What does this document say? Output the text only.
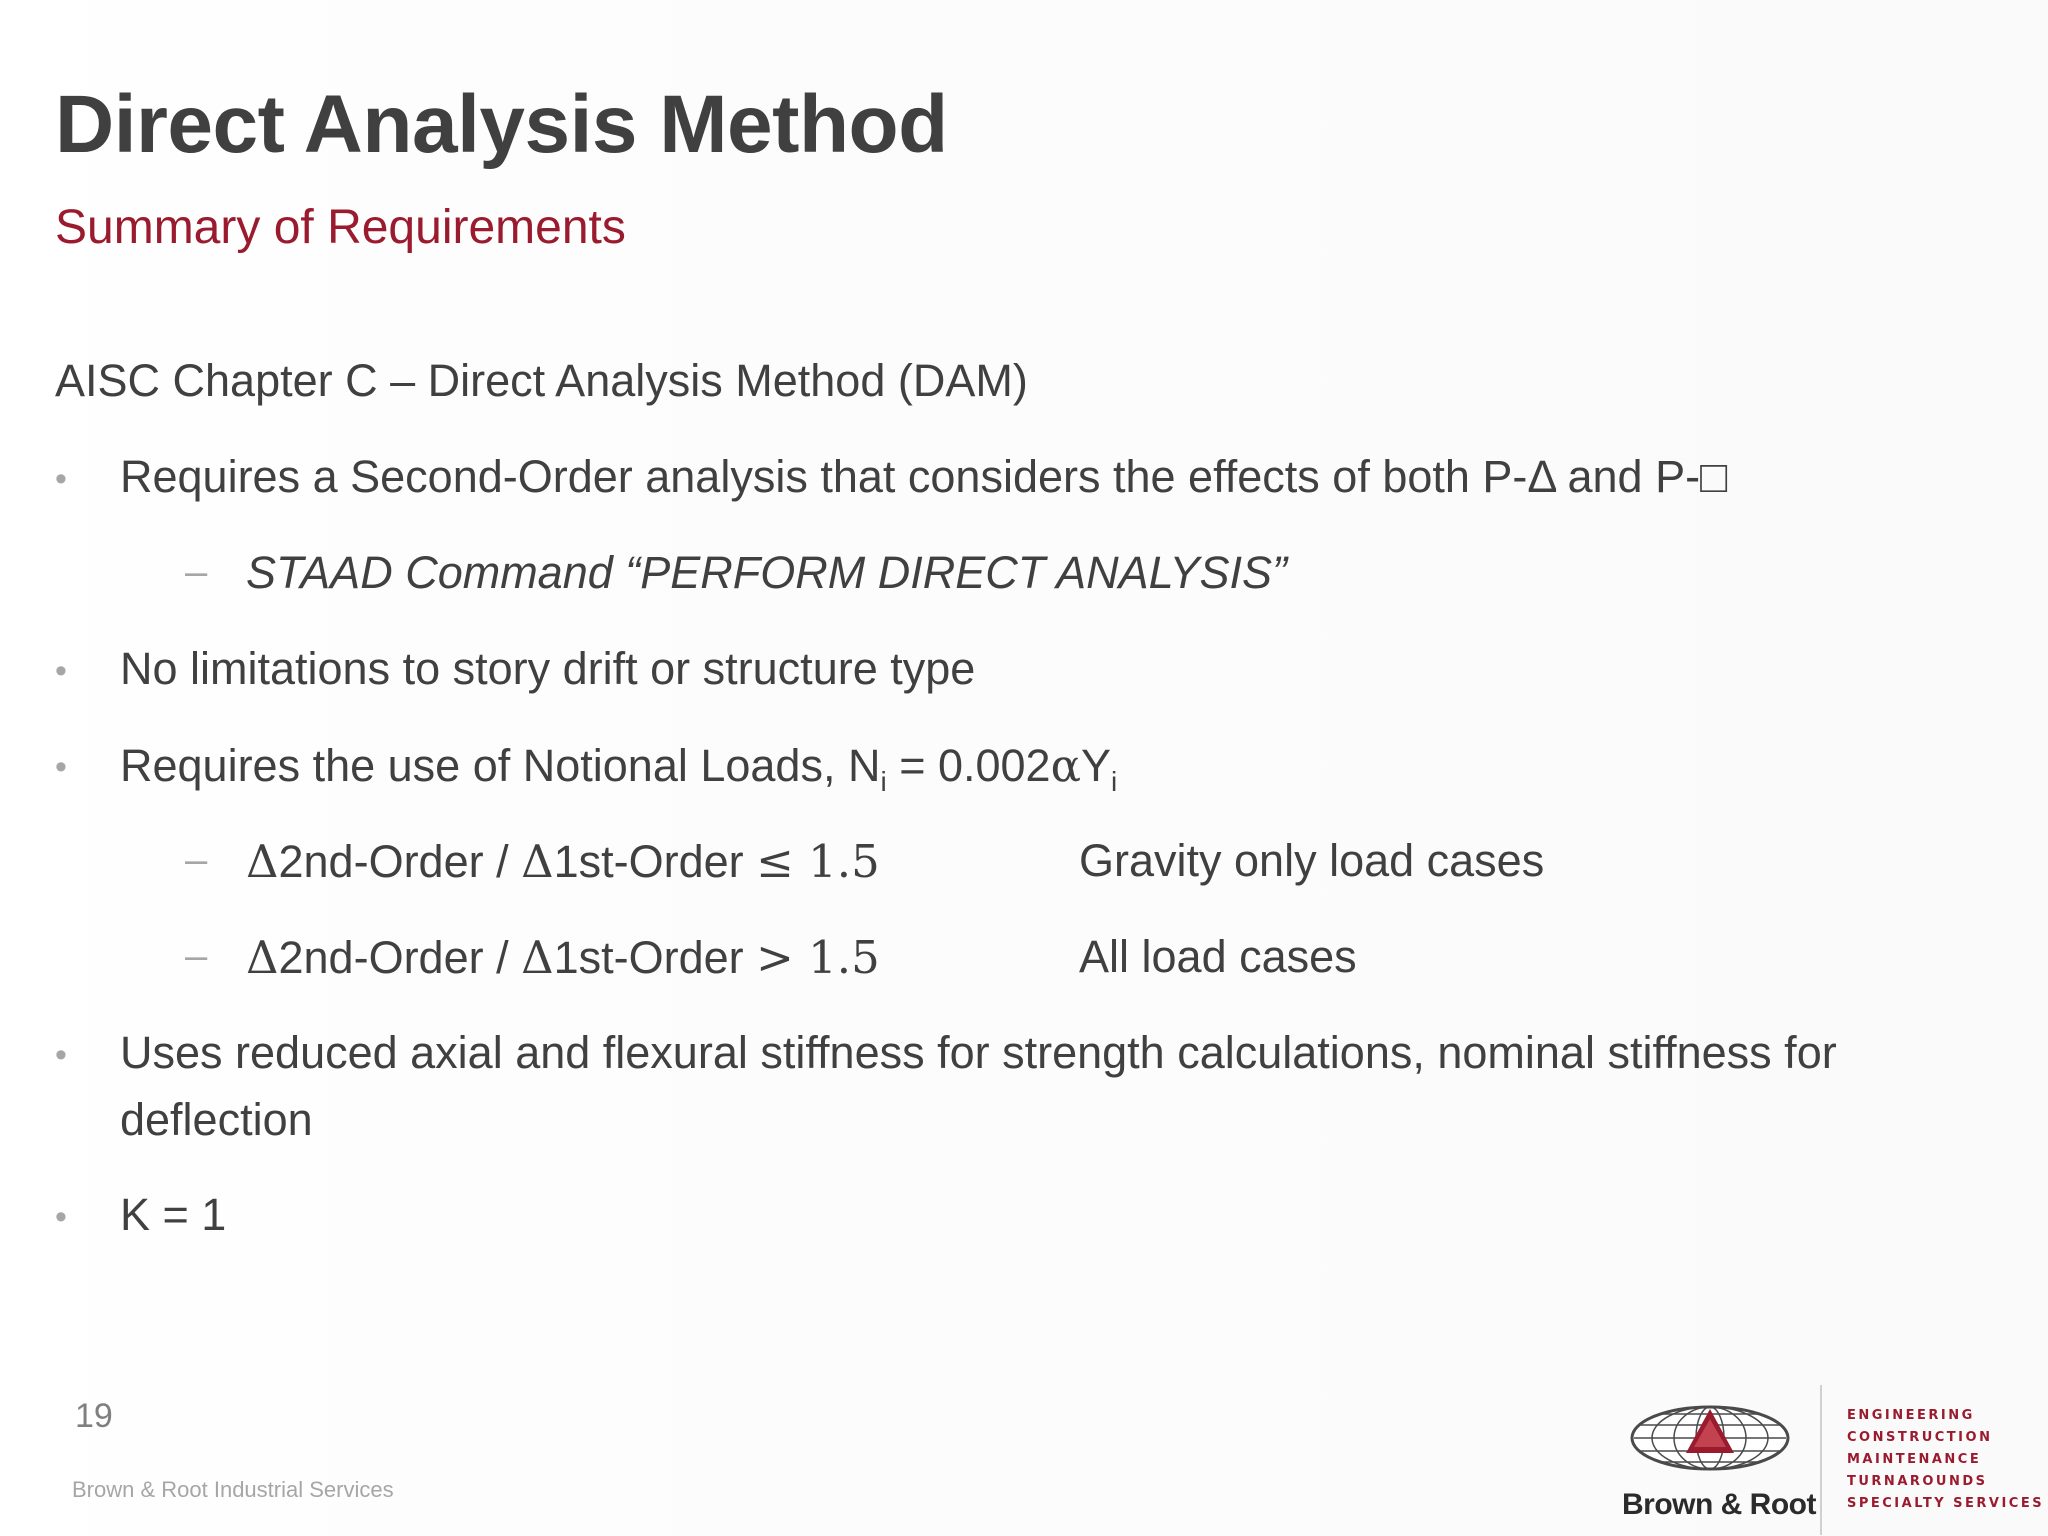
Direct Analysis Method
Summary of Requirements
AISC Chapter C – Direct Analysis Method (DAM)
• Requires a Second-Order analysis that considers the effects of both P-Δ and P-□
– STAAD Command “PERFORM DIRECT ANALYSIS”
• No limitations to story drift or structure type
• Requires the use of Notional Loads, $N_i = 0.002\alpha Y_i$
– Δ2nd-Order / Δ1st-Order ≤ 1.5	Gravity only load cases
– Δ2nd-Order / Δ1st-Order > 1.5	All load cases
• Uses reduced axial and flexural stiffness for strength calculations, nominal stiffness for
deflection
• K = 1
19
Brown & Root Industrial Services	Brown & Root
ENGINEERING
CONSTRUCTION
MAINTENANCE
TURNAROUNDS
SPECIALTY SERVICES
